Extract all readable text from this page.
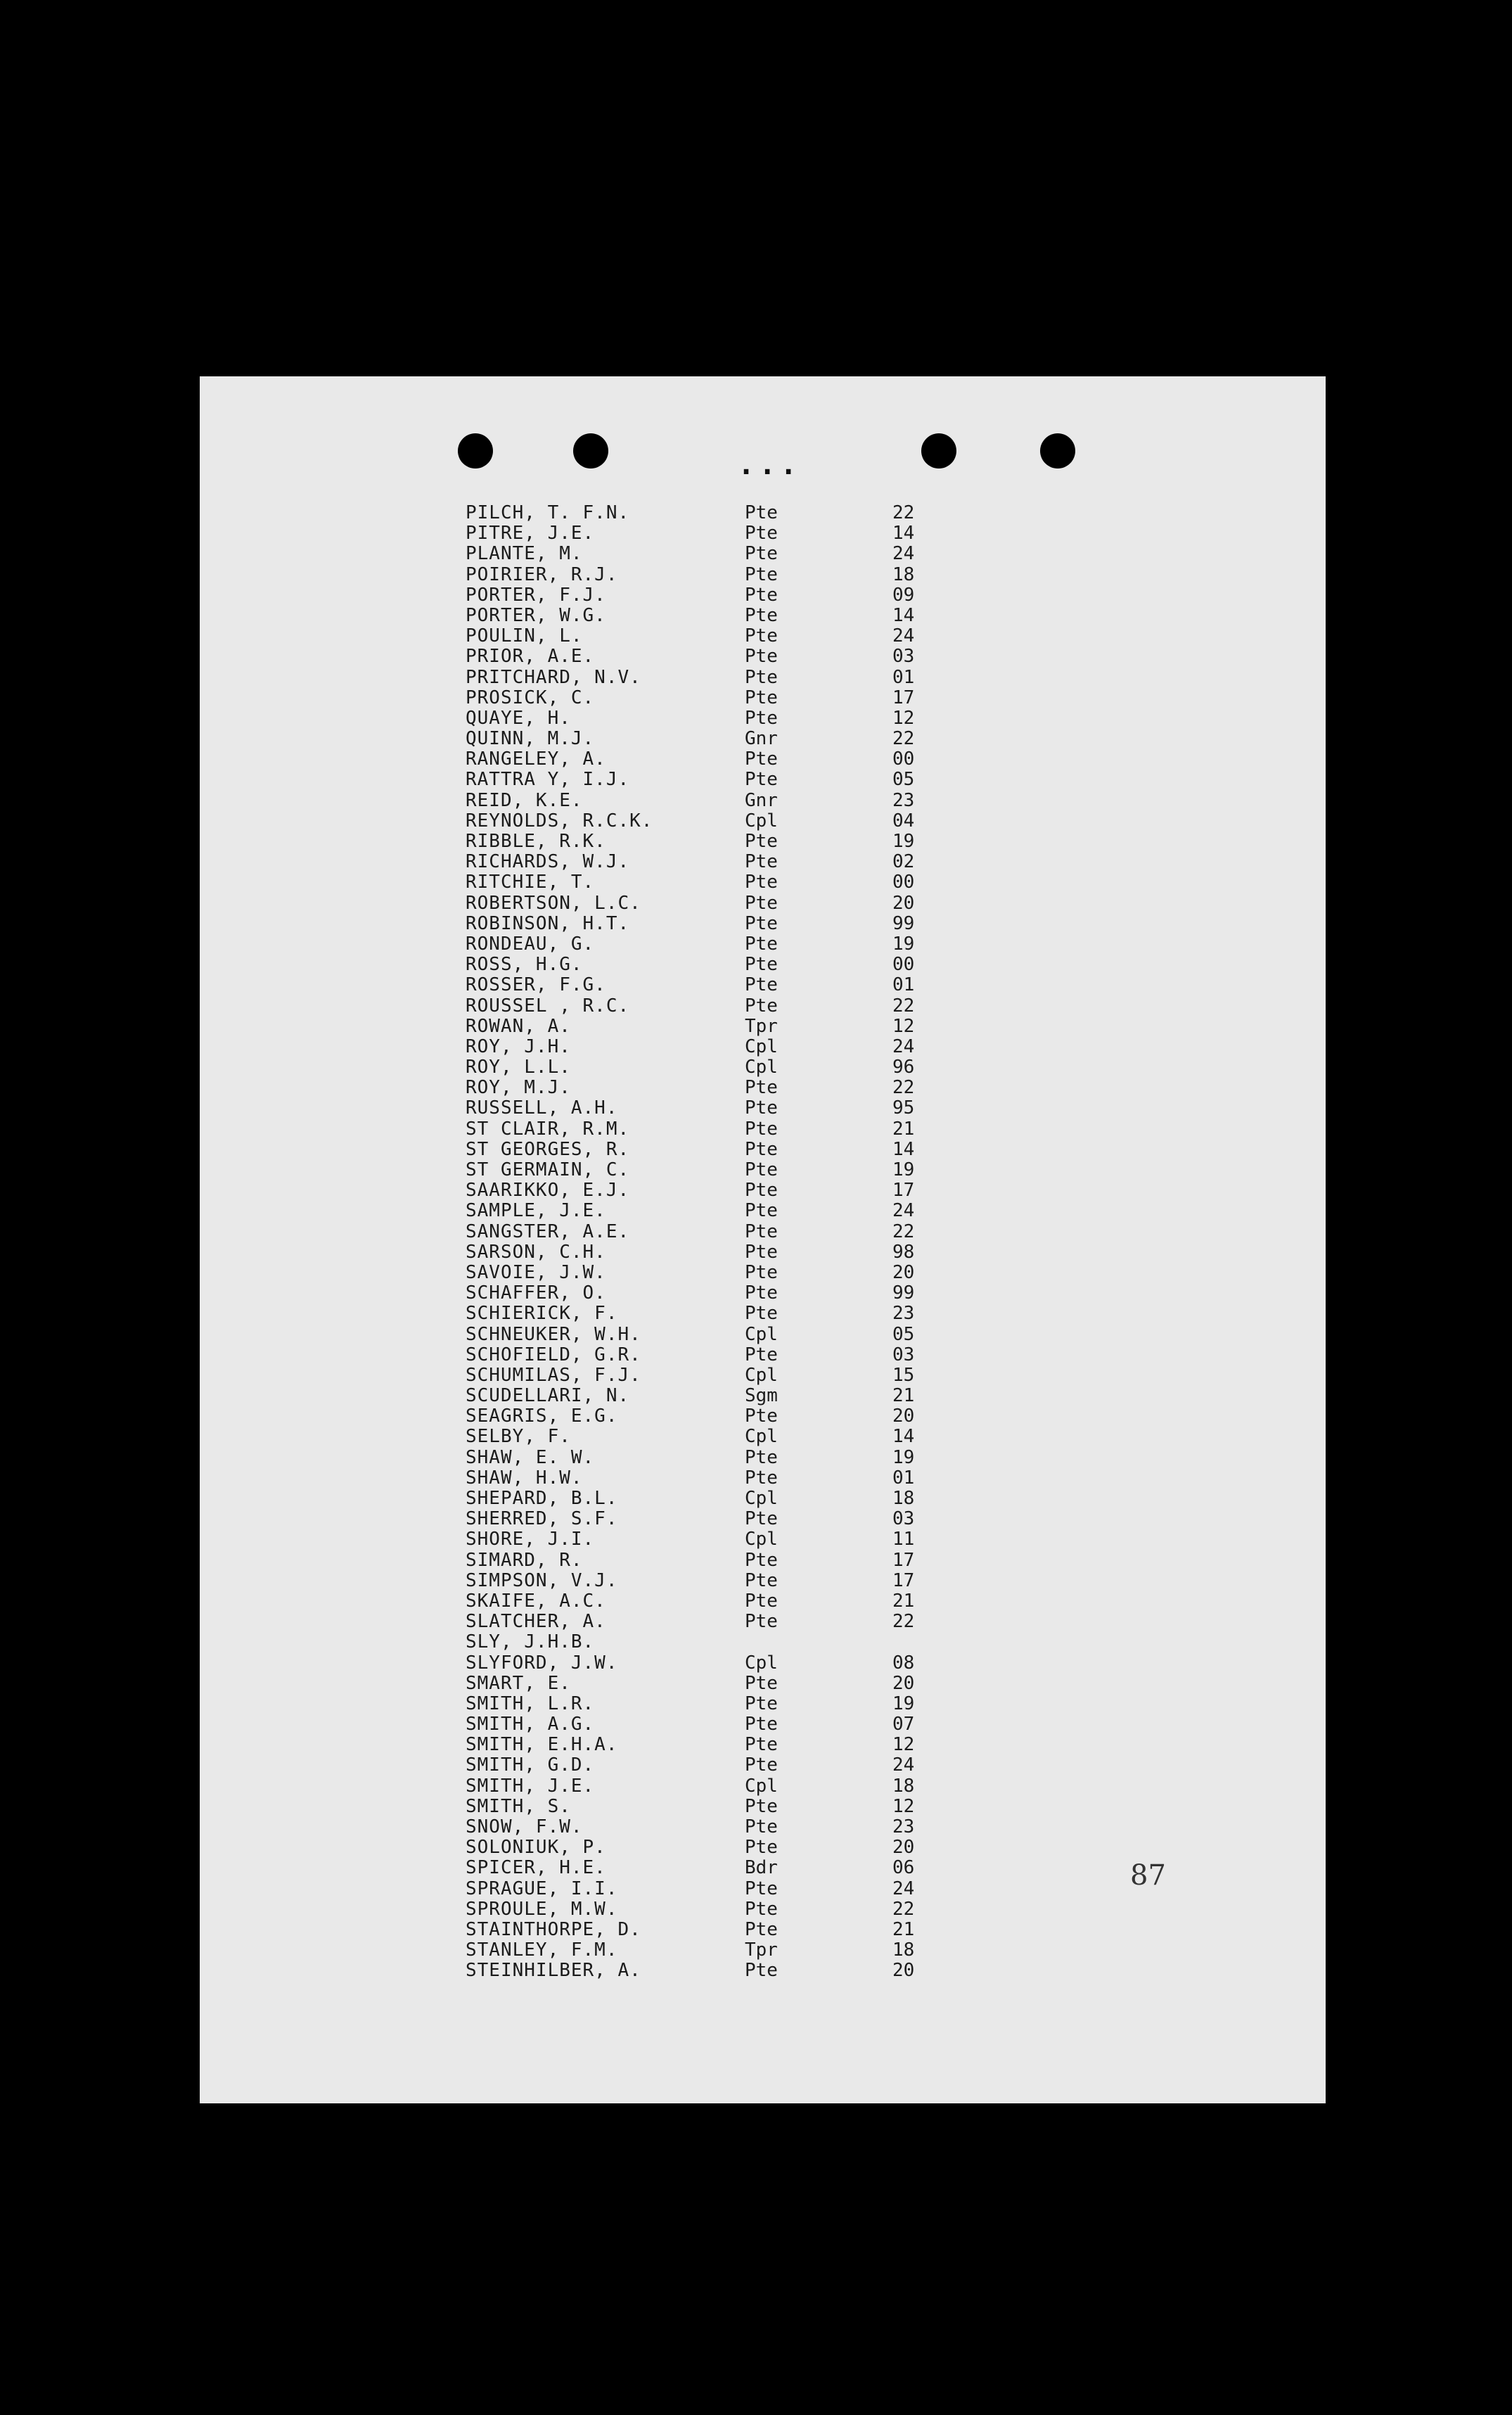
...
PILCH, T. F.N.	Pte	22
PITRE, J.E.	Pte	14
PLANTE, M.	Pte	24
POIRIER, R.J.	Pte	18
PORTER, F.J.	Pte	09
PORTER, W.G.	Pte	14
POULIN, L.	Pte	24
PRIOR, A.E.	Pte	03
PRITCHARD, N.V.	Pte	01
PROSICK, C.	Pte	17
QUAYE, H.	Pte	12
QUINN, M.J.	Gnr	22
RANGELEY, A.	Pte	00
RATTRA Y, I.J.	Pte	05
REID, K.E.	Gnr	23
REYNOLDS, R.C.K.	Cpl	04
RIBBLE, R.K.	Pte	19
RICHARDS, W.J.	Pte	02
RITCHIE, T.	Pte	00
ROBERTSON, L.C.	Pte	20
ROBINSON, H.T.	Pte	99
RONDEAU, G.	Pte	19
ROSS, H.G.	Pte	00
ROSSER, F.G.	Pte	01
ROUSSEL , R.C.	Pte	22
ROWAN, A.	Tpr	12
ROY, J.H.	Cpl	24
ROY, L.L.	Cpl	96
ROY, M.J.	Pte	22
RUSSELL, A.H.	Pte	95
ST CLAIR, R.M.	Pte	21
ST GEORGES, R.	Pte	14
ST GERMAIN, C.	Pte	19
SAARIKKO, E.J.	Pte	17
SAMPLE, J.E.	Pte	24
SANGSTER, A.E.	Pte	22
SARSON, C.H.	Pte	98
SAVOIE, J.W.	Pte	20
SCHAFFER, O.	Pte	99
SCHIERICK, F.	Pte	23
SCHNEUKER, W.H.	Cpl	05
SCHOFIELD, G.R.	Pte	03
SCHUMILAS, F.J.	Cpl	15
SCUDELLARI, N.	Sgm	21
SEAGRIS, E.G.	Pte	20
SELBY, F.	Cpl	14
SHAW, E. W.	Pte	19
SHAW, H.W.	Pte	01
SHEPARD, B.L.	Cpl	18
SHERRED, S.F.	Pte	03
SHORE, J.I.	Cpl	11
SIMARD, R.	Pte	17
SIMPSON, V.J.	Pte	17
SKAIFE, A.C.	Pte	21
SLATCHER, A.	Pte	22
SLY, J.H.B.
SLYFORD, J.W.	Cpl	08
SMART, E.	Pte	20
SMITH, L.R.	Pte	19
SMITH, A.G.	Pte	07
SMITH, E.H.A.	Pte	12
SMITH, G.D.	Pte	24
SMITH, J.E.	Cpl	18
SMITH, S.	Pte	12
SNOW, F.W.	Pte	23
SOLONIUK, P.	Pte	20
SPICER, H.E.	Bdr	06
SPRAGUE, I.I.	Pte	24
SPROULE, M.W.	Pte	22
STAINTHORPE, D.	Pte	21
STANLEY, F.M.	Tpr	18
STEINHILBER, A.	Pte	20
87
